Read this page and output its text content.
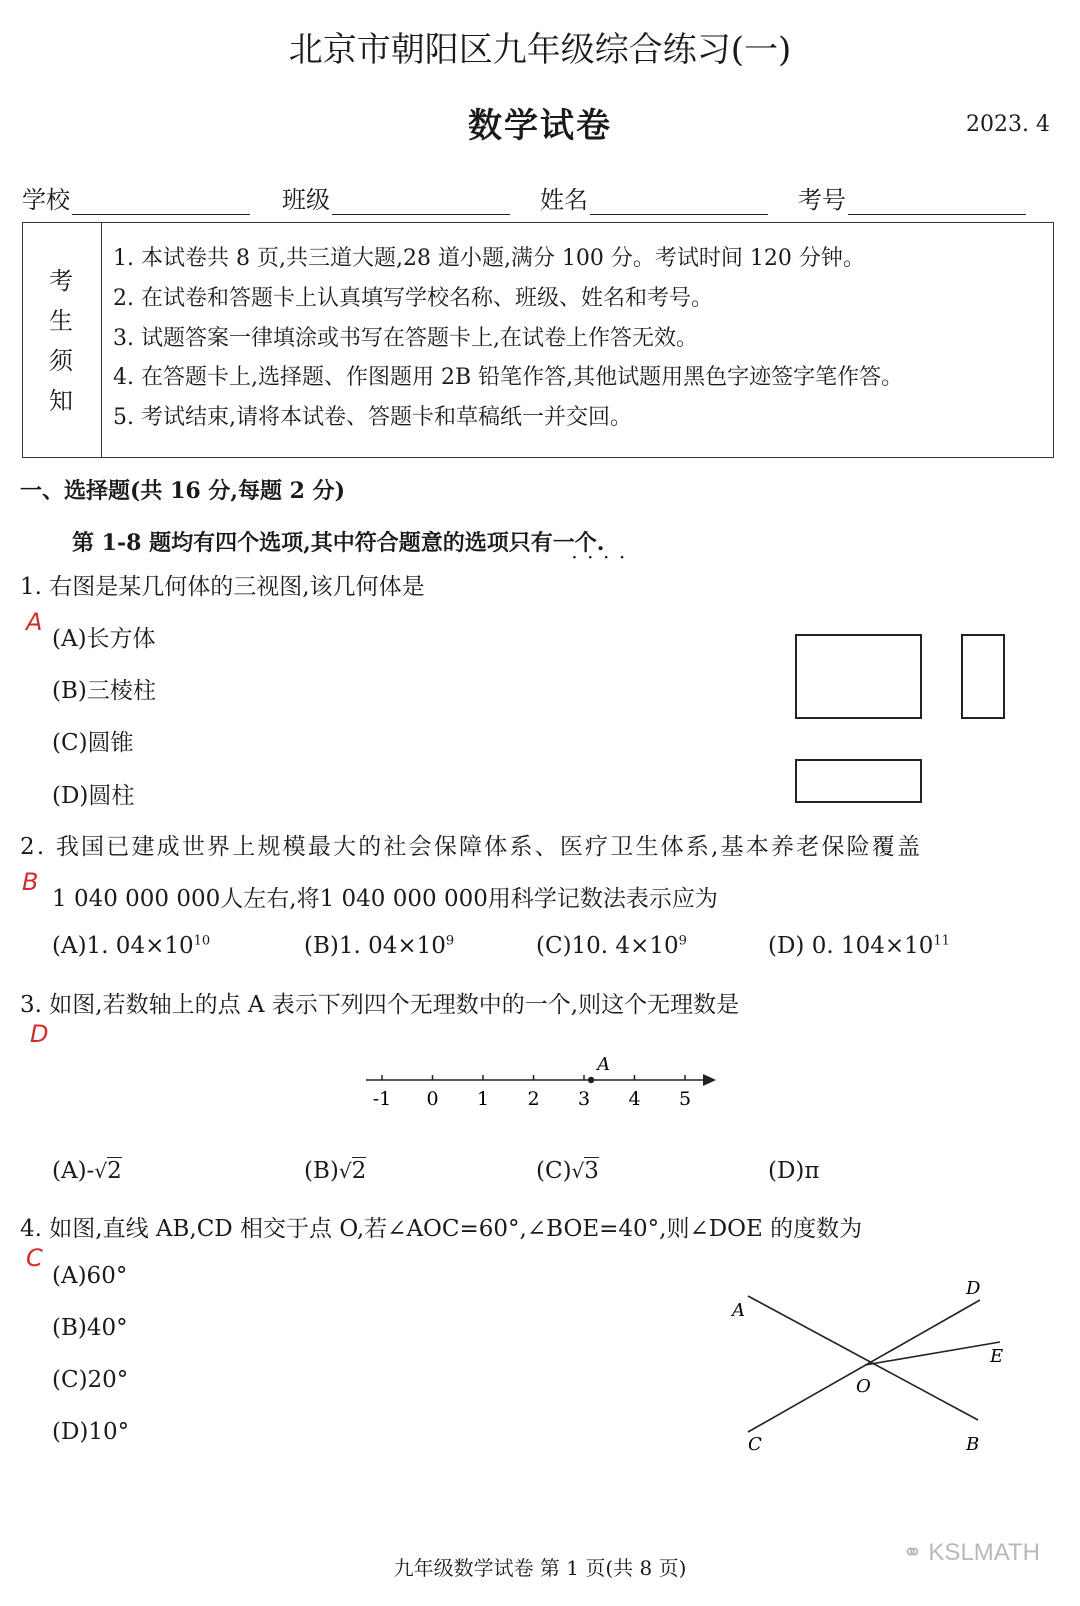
北京市朝阳区九年级综合练习(一)
数学试卷	2023. 4
学校	班级	姓名	考号
考
生
须
知
1. 本试卷共 8 页,共三道大题,28 道小题,满分 100 分。考试时间 120 分钟。
2. 在试卷和答题卡上认真填写学校名称、班级、姓名和考号。
3. 试题答案一律填涂或书写在答题卡上,在试卷上作答无效。
4. 在答题卡上,选择题、作图题用 2B 铅笔作答,其他试题用黑色字迹签字笔作答。
5. 考试结束,请将本试卷、答题卡和草稿纸一并交回。
一、选择题(共 16 分,每题 2 分)
第 1-8 题均有四个选项,其中符合题意的选项只有一个.
····
1. 右图是某几何体的三视图,该几何体是
A
(A)长方体
(B)三棱柱
(C)圆锥
(D)圆柱
2. 我国已建成世界上规模最大的社会保障体系、医疗卫生体系,基本养老保险覆盖
B
1 040 000 000人左右,将1 040 000 000用科学记数法表示应为
(A)1. $04\times 10^{10}$	(B)1. $04\times 10^9$	(C)10. $4\times 10^9$	(D) 0. $104\times 10^{11}$
3. 如图,若数轴上的点 A 表示下列四个无理数中的一个,则这个无理数是
D
-1 0 1 2 3 4 5
A
(A)-√2	(B)√2	(C)√3	(D)π
4. 如图,直线 AB,CD 相交于点 O,若∠AOC=60°,∠BOE=40°,则∠DOE 的度数为
C
(A)60°
(B)40°
(C)20°
(D)10°
A
B
C
D
E
O
九年级数学试卷 第 1 页(共 8 页)
⚭ KSLMATH
